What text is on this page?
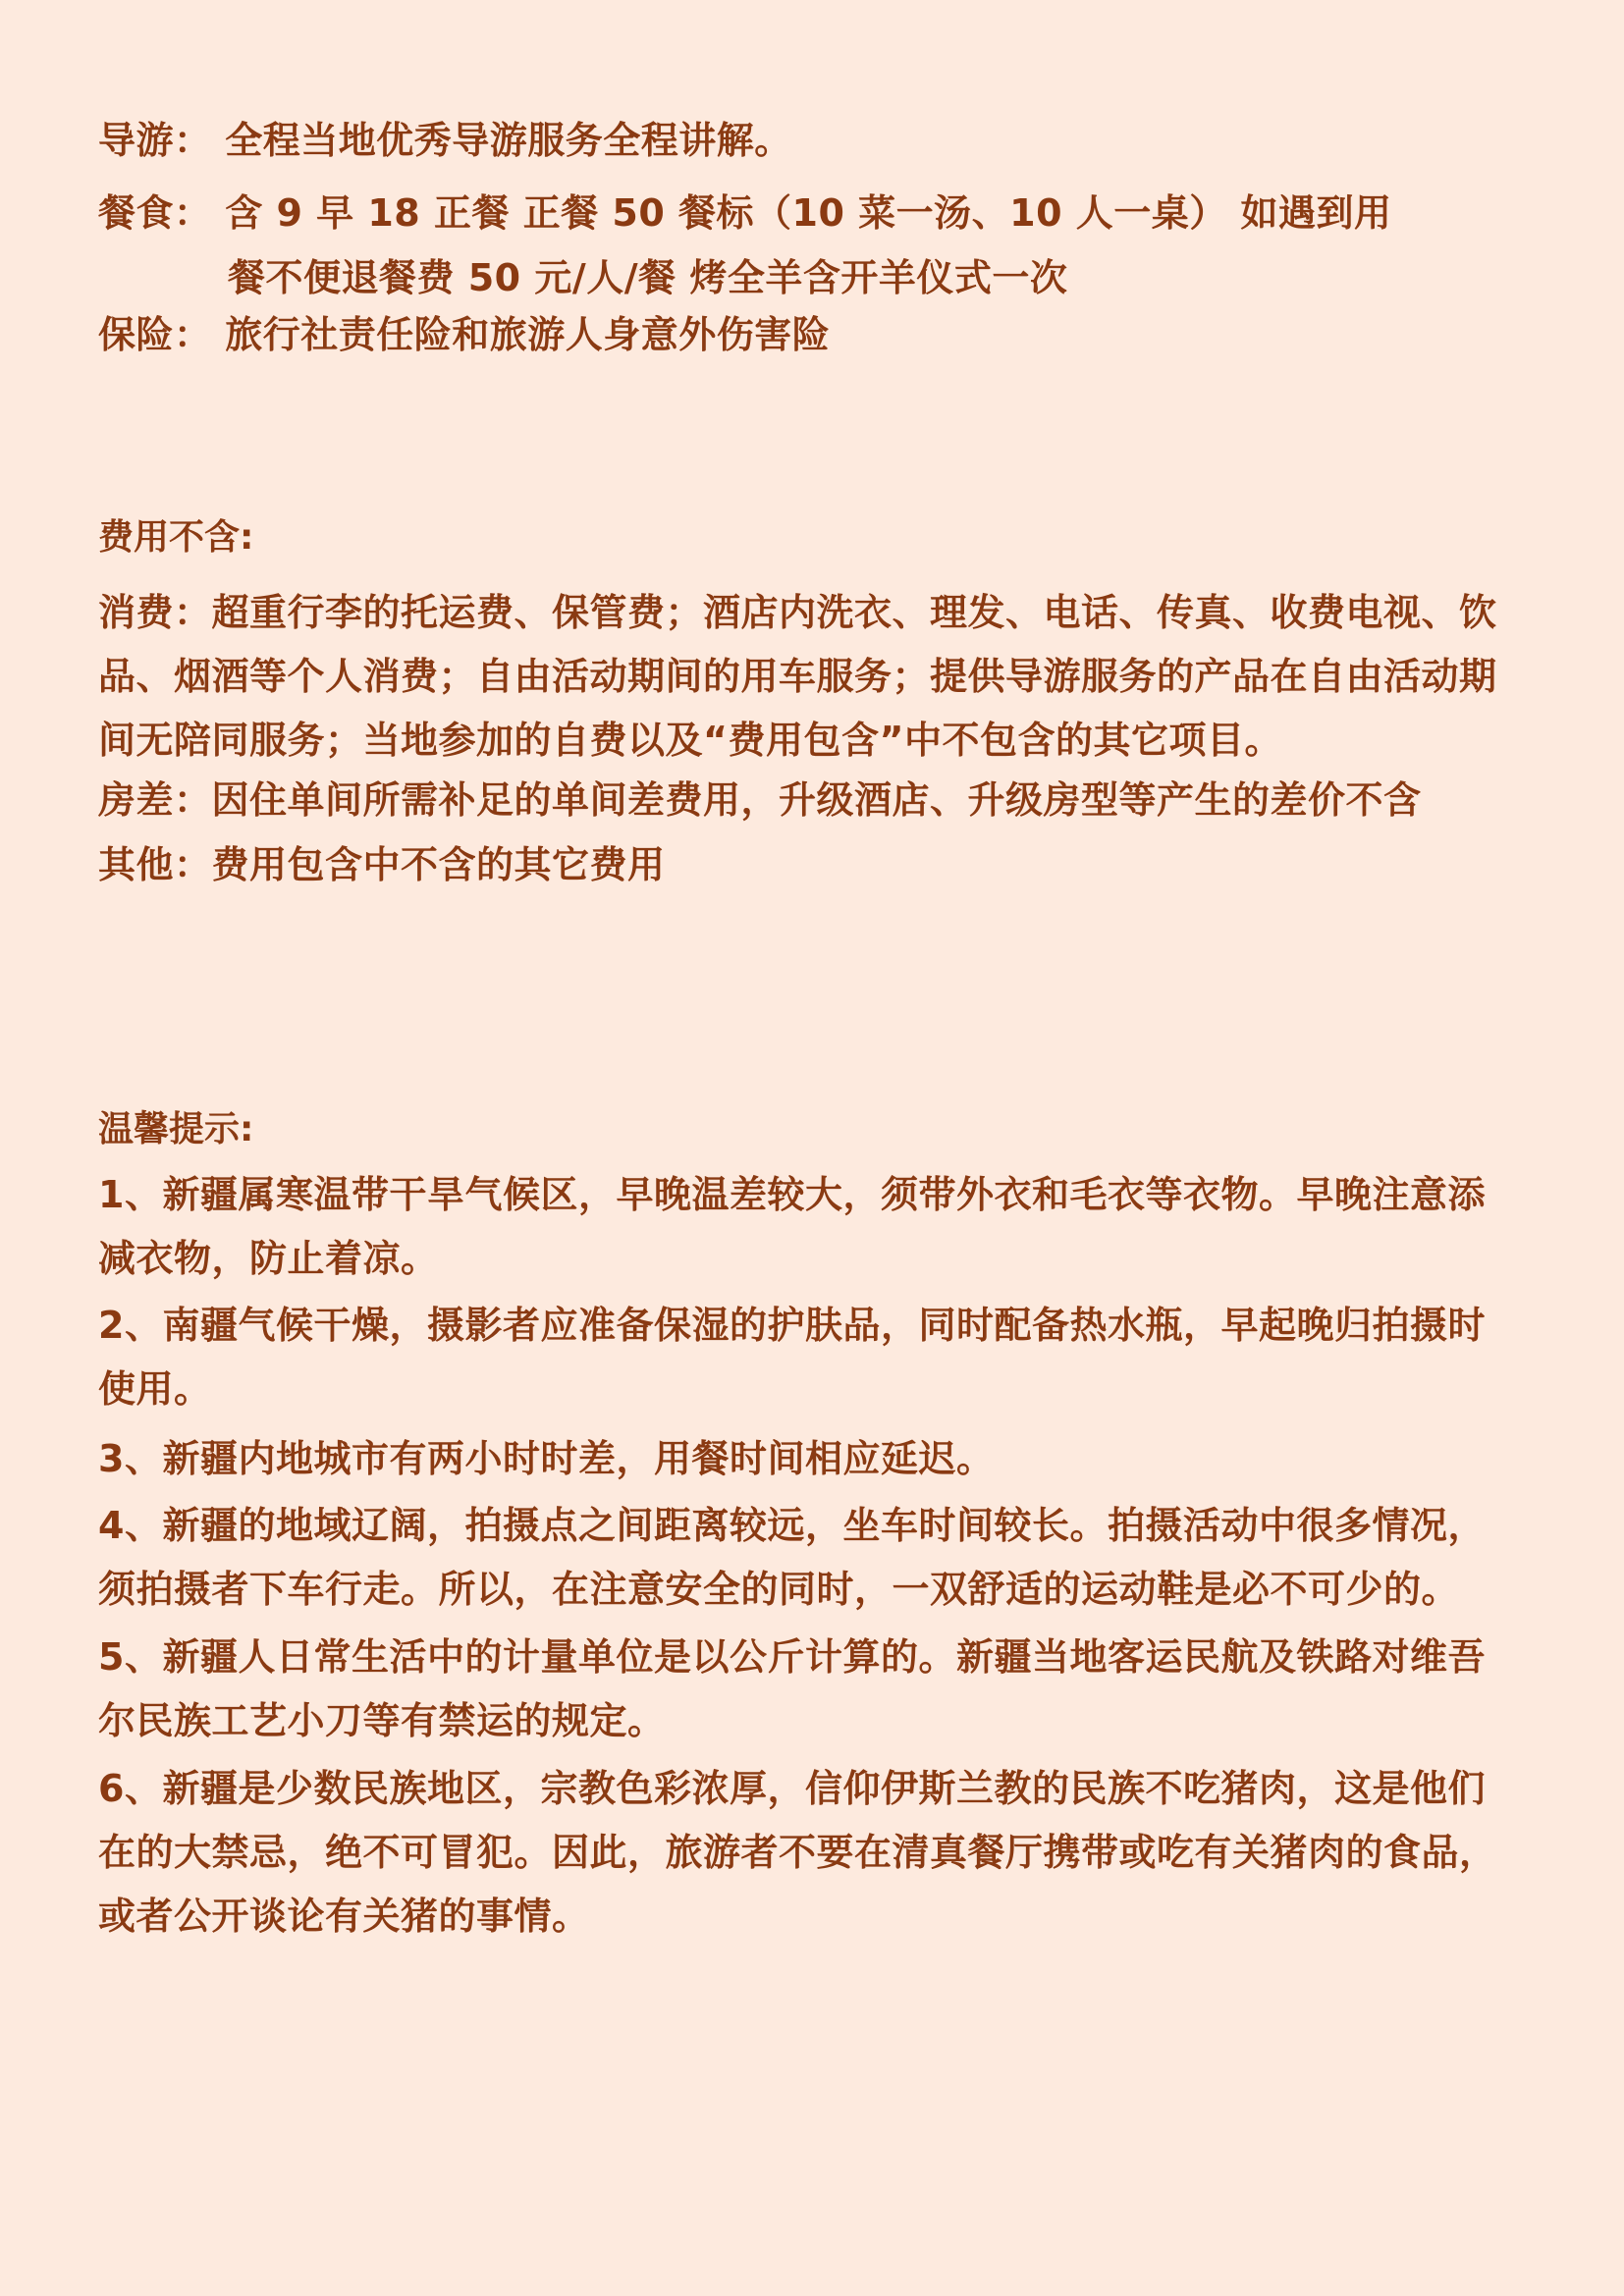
导游： 全程当地优秀导游服务全程讲解。
餐食： 含 9 早 18 正餐 正餐 50 餐标（10 菜一汤、10 人一桌） 如遇到用
餐不便退餐费 50 元/人/餐 烤全羊含开羊仪式一次
保险： 旅行社责任险和旅游人身意外伤害险
费用不含:
消费：超重行李的托运费、保管费；酒店内洗衣、理发、电话、传真、收费电视、饮品、烟酒等个人消费；自由活动期间的用车服务；提供导游服务的产品在自由活动期间无陪同服务；当地参加的自费以及“费用包含”中不包含的其它项目。
房差：因住单间所需补足的单间差费用，升级酒店、升级房型等产生的差价不含
其他：费用包含中不含的其它费用
温馨提示:
1、新疆属寒温带干旱气候区，早晚温差较大，须带外衣和毛衣等衣物。早晚注意添减衣物，防止着凉。
2、南疆气候干燥，摄影者应准备保湿的护肤品，同时配备热水瓶，早起晚归拍摄时使用。
3、新疆内地城市有两小时时差，用餐时间相应延迟。
4、新疆的地域辽阔，拍摄点之间距离较远，坐车时间较长。拍摄活动中很多情况，须拍摄者下车行走。所以，在注意安全的同时，一双舒适的运动鞋是必不可少的。
5、新疆人日常生活中的计量单位是以公斤计算的。新疆当地客运民航及铁路对维吾尔民族工艺小刀等有禁运的规定。
6、新疆是少数民族地区，宗教色彩浓厚，信仰伊斯兰教的民族不吃猪肉，这是他们在的大禁忌，绝不可冒犯。因此，旅游者不要在清真餐厅携带或吃有关猪肉的食品，或者公开谈论有关猪的事情。
